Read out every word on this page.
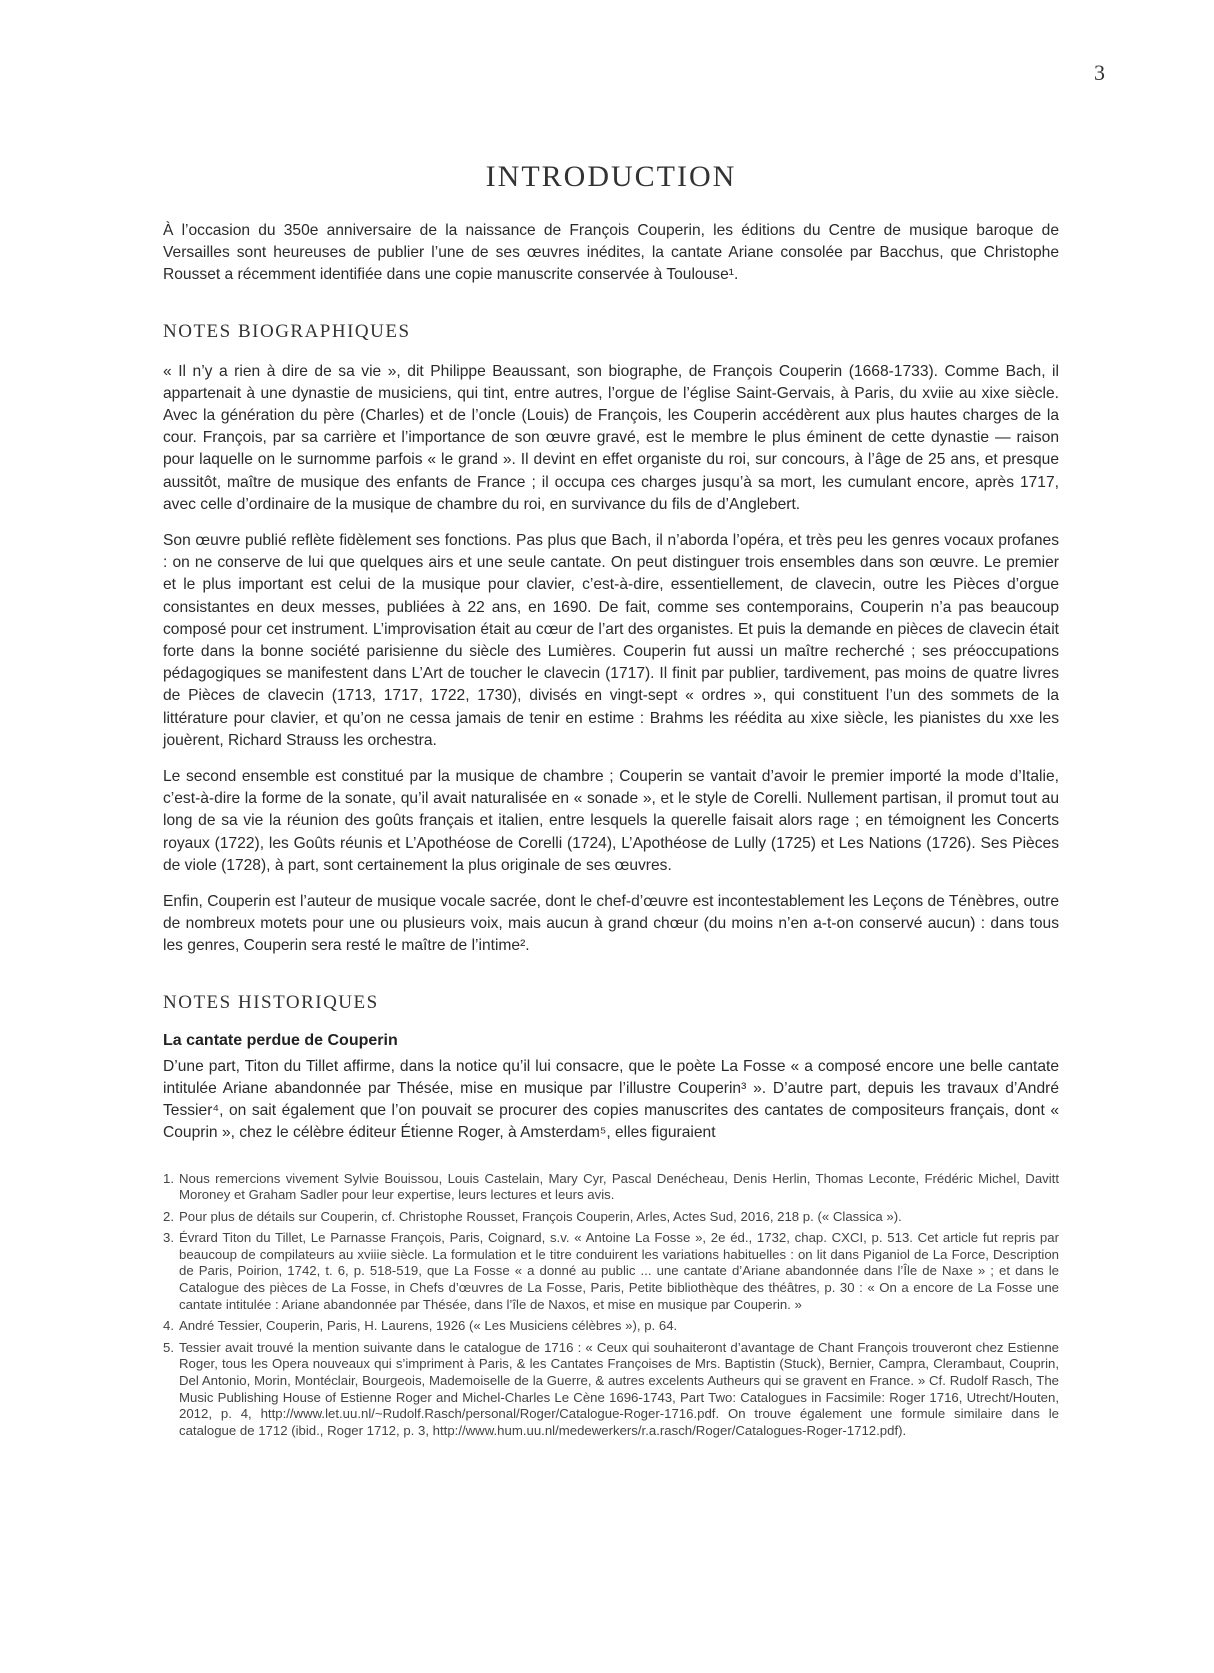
3
INTRODUCTION

À l’occasion du 350e anniversaire de la naissance de François Couperin, les éditions du Centre de musique baroque de Versailles sont heureuses de publier l’une de ses œuvres inédites, la cantate Ariane consolée par Bacchus, que Christophe Rousset a récemment identifiée dans une copie manuscrite conservée à Toulouse¹.

NOTES BIOGRAPHIQUES

« Il n’y a rien à dire de sa vie », dit Philippe Beaussant, son biographe, de François Couperin (1668-1733). Comme Bach, il appartenait à une dynastie de musiciens, qui tint, entre autres, l’orgue de l’église Saint-Gervais, à Paris, du xviie au xixe siècle. Avec la génération du père (Charles) et de l’oncle (Louis) de François, les Couperin accédèrent aux plus hautes charges de la cour. François, par sa carrière et l’importance de son œuvre gravé, est le membre le plus éminent de cette dynastie — raison pour laquelle on le surnomme parfois « le grand ». Il devint en effet organiste du roi, sur concours, à l’âge de 25 ans, et presque aussitôt, maître de musique des enfants de France ; il occupa ces charges jusqu’à sa mort, les cumulant encore, après 1717, avec celle d’ordinaire de la musique de chambre du roi, en survivance du fils de d’Anglebert.

Son œuvre publié reflète fidèlement ses fonctions. Pas plus que Bach, il n’aborda l’opéra, et très peu les genres vocaux profanes : on ne conserve de lui que quelques airs et une seule cantate. On peut distinguer trois ensembles dans son œuvre. Le premier et le plus important est celui de la musique pour clavier, c’est-à-dire, essentiellement, de clavecin, outre les Pièces d’orgue consistantes en deux messes, publiées à 22 ans, en 1690. De fait, comme ses contemporains, Couperin n’a pas beaucoup composé pour cet instrument. L’improvisation était au cœur de l’art des organistes. Et puis la demande en pièces de clavecin était forte dans la bonne société parisienne du siècle des Lumières. Couperin fut aussi un maître recherché ; ses préoccupations pédagogiques se manifestent dans L’Art de toucher le clavecin (1717). Il finit par publier, tardivement, pas moins de quatre livres de Pièces de clavecin (1713, 1717, 1722, 1730), divisés en vingt-sept « ordres », qui constituent l’un des sommets de la littérature pour clavier, et qu’on ne cessa jamais de tenir en estime : Brahms les réédita au xixe siècle, les pianistes du xxe les jouèrent, Richard Strauss les orchestra.

Le second ensemble est constitué par la musique de chambre ; Couperin se vantait d’avoir le premier importé la mode d’Italie, c’est-à-dire la forme de la sonate, qu’il avait naturalisée en « sonade », et le style de Corelli. Nullement partisan, il promut tout au long de sa vie la réunion des goûts français et italien, entre lesquels la querelle faisait alors rage ; en témoignent les Concerts royaux (1722), les Goûts réunis et L’Apothéose de Corelli (1724), L’Apothéose de Lully (1725) et Les Nations (1726). Ses Pièces de viole (1728), à part, sont certainement la plus originale de ses œuvres.

Enfin, Couperin est l’auteur de musique vocale sacrée, dont le chef-d’œuvre est incontestablement les Leçons de Ténèbres, outre de nombreux motets pour une ou plusieurs voix, mais aucun à grand chœur (du moins n’en a-t-on conservé aucun) : dans tous les genres, Couperin sera resté le maître de l’intime².

NOTES HISTORIQUES
La cantate perdue de Couperin

D’une part, Titon du Tillet affirme, dans la notice qu’il lui consacre, que le poète La Fosse « a composé encore une belle cantate intitulée Ariane abandonnée par Thésée, mise en musique par l’illustre Couperin³ ». D’autre part, depuis les travaux d’André Tessier⁴, on sait également que l’on pouvait se procurer des copies manuscrites des cantates de compositeurs français, dont « Couprin », chez le célèbre éditeur Étienne Roger, à Amsterdam⁵, elles figuraient

1. Nous remercions vivement Sylvie Bouissou, Louis Castelain, Mary Cyr, Pascal Denécheau, Denis Herlin, Thomas Leconte, Frédéric Michel, Davitt Moroney et Graham Sadler pour leur expertise, leurs lectures et leurs avis.
2. Pour plus de détails sur Couperin, cf. Christophe Rousset, François Couperin, Arles, Actes Sud, 2016, 218 p. (« Classica »).
3. Évrard Titon du Tillet, Le Parnasse François, Paris, Coignard, s.v. « Antoine La Fosse », 2e éd., 1732, chap. CXCI, p. 513. Cet article fut repris par beaucoup de compilateurs au xviiie siècle. La formulation et le titre conduirent les variations habituelles : on lit dans Piganiol de La Force, Description de Paris, Poirion, 1742, t. 6, p. 518-519, que La Fosse « a donné au public ... une cantate d’Ariane abandonnée dans l’Île de Naxe » ; et dans le Catalogue des pièces de La Fosse, in Chefs d’œuvres de La Fosse, Paris, Petite bibliothèque des théâtres, p. 30 : « On a encore de La Fosse une cantate intitulée : Ariane abandonnée par Thésée, dans l’île de Naxos, et mise en musique par Couperin. »
4. André Tessier, Couperin, Paris, H. Laurens, 1926 (« Les Musiciens célèbres »), p. 64.
5. Tessier avait trouvé la mention suivante dans le catalogue de 1716 : « Ceux qui souhaiteront d’avantage de Chant François trouveront chez Estienne Roger, tous les Opera nouveaux qui s’impriment à Paris, & les Cantates Françoises de Mrs. Baptistin (Stuck), Bernier, Campra, Clerambaut, Couprin, Del Antonio, Morin, Montéclair, Bourgeois, Mademoiselle de la Guerre, & autres excelents Autheurs qui se gravent en France. » Cf. Rudolf Rasch, The Music Publishing House of Estienne Roger and Michel-Charles Le Cène 1696-1743, Part Two: Catalogues in Facsimile: Roger 1716, Utrecht/Houten, 2012, p. 4, http://www.let.uu.nl/~Rudolf.Rasch/personal/Roger/Catalogue-Roger-1716.pdf. On trouve également une formule similaire dans le catalogue de 1712 (ibid., Roger 1712, p. 3, http://www.hum.uu.nl/medewerkers/r.a.rasch/Roger/Catalogues-Roger-1712.pdf).
